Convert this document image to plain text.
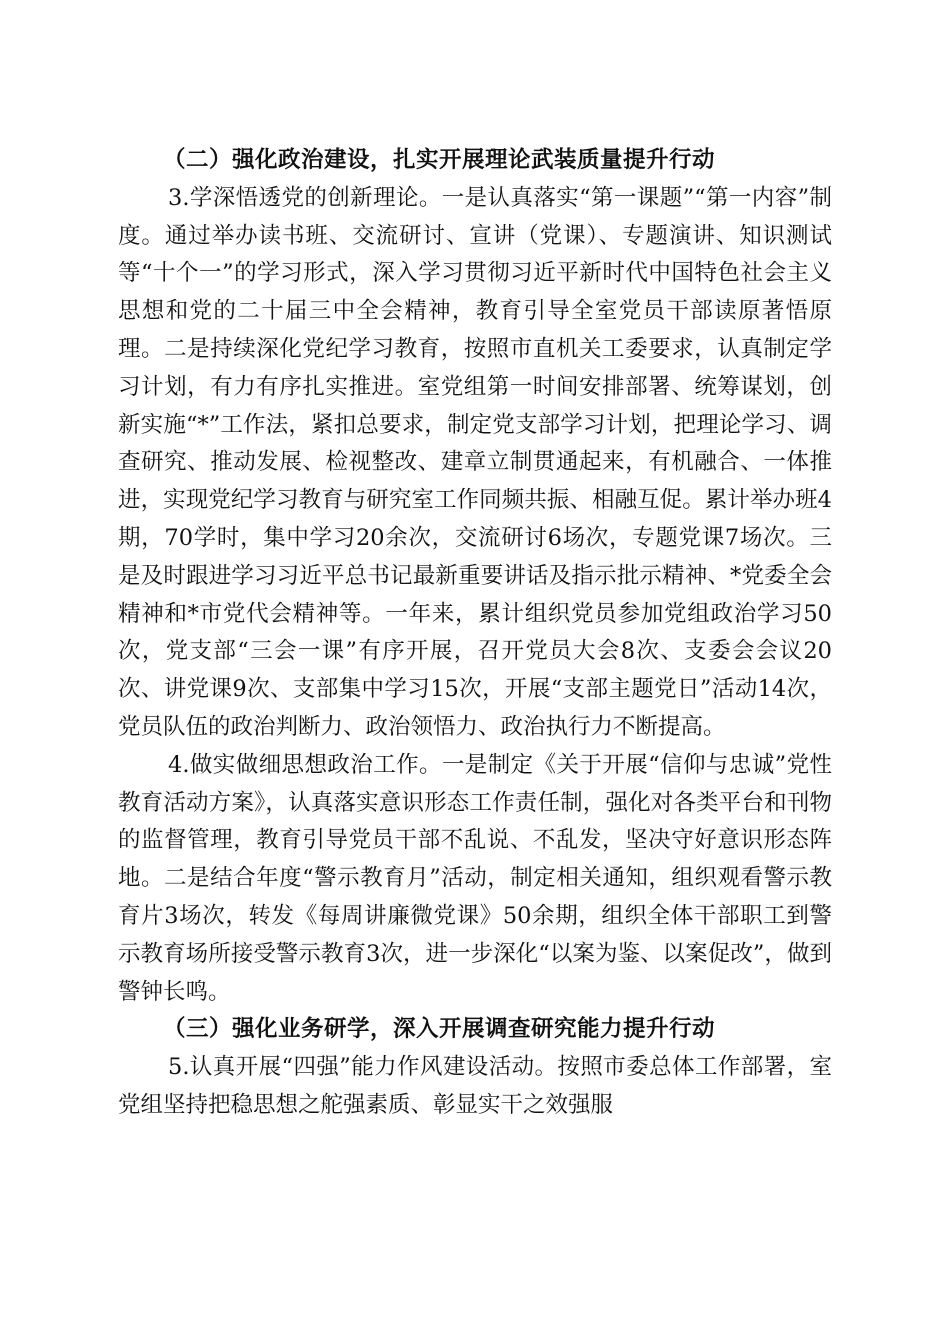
（二）强化政治建设，扎实开展理论武装质量提升行动

3.学深悟透党的创新理论。一是认真落实“第一课题”“第一内容”制度。通过举办读书班、交流研讨、宣讲（党课）、专题演讲、知识测试等“十个一”的学习形式，深入学习贯彻习近平新时代中国特色社会主义思想和党的二十届三中全会精神，教育引导全室党员干部读原著悟原理。二是持续深化党纪学习教育，按照市直机关工委要求，认真制定学习计划，有力有序扎实推进。室党组第一时间安排部署、统筹谋划，创新实施“*”工作法，紧扣总要求，制定党支部学习计划，把理论学习、调查研究、推动发展、检视整改、建章立制贯通起来，有机融合、一体推进，实现党纪学习教育与研究室工作同频共振、相融互促。累计举办班4期，70学时，集中学习20余次，交流研讨6场次，专题党课7场次。三是及时跟进学习习近平总书记最新重要讲话及指示批示精神、*党委全会精神和*市党代会精神等。一年来，累计组织党员参加党组政治学习50次，党支部“三会一课”有序开展，召开党员大会8次、支委会会议20次、讲党课9次、支部集中学习15次，开展“支部主题党日”活动14次，党员队伍的政治判断力、政治领悟力、政治执行力不断提高。

4.做实做细思想政治工作。一是制定《关于开展“信仰与忠诚”党性教育活动方案》，认真落实意识形态工作责任制，强化对各类平台和刊物的监督管理，教育引导党员干部不乱说、不乱发，坚决守好意识形态阵地。二是结合年度“警示教育月”活动，制定相关通知，组织观看警示教育片3场次，转发《每周讲廉微党课》50余期，组织全体干部职工到警示教育场所接受警示教育3次，进一步深化“以案为鉴、以案促改”，做到警钟长鸣。

（三）强化业务研学，深入开展调查研究能力提升行动

5.认真开展“四强”能力作风建设活动。按照市委总体工作部署，室党组坚持把稳思想之舵强素质、彰显实干之效强服
